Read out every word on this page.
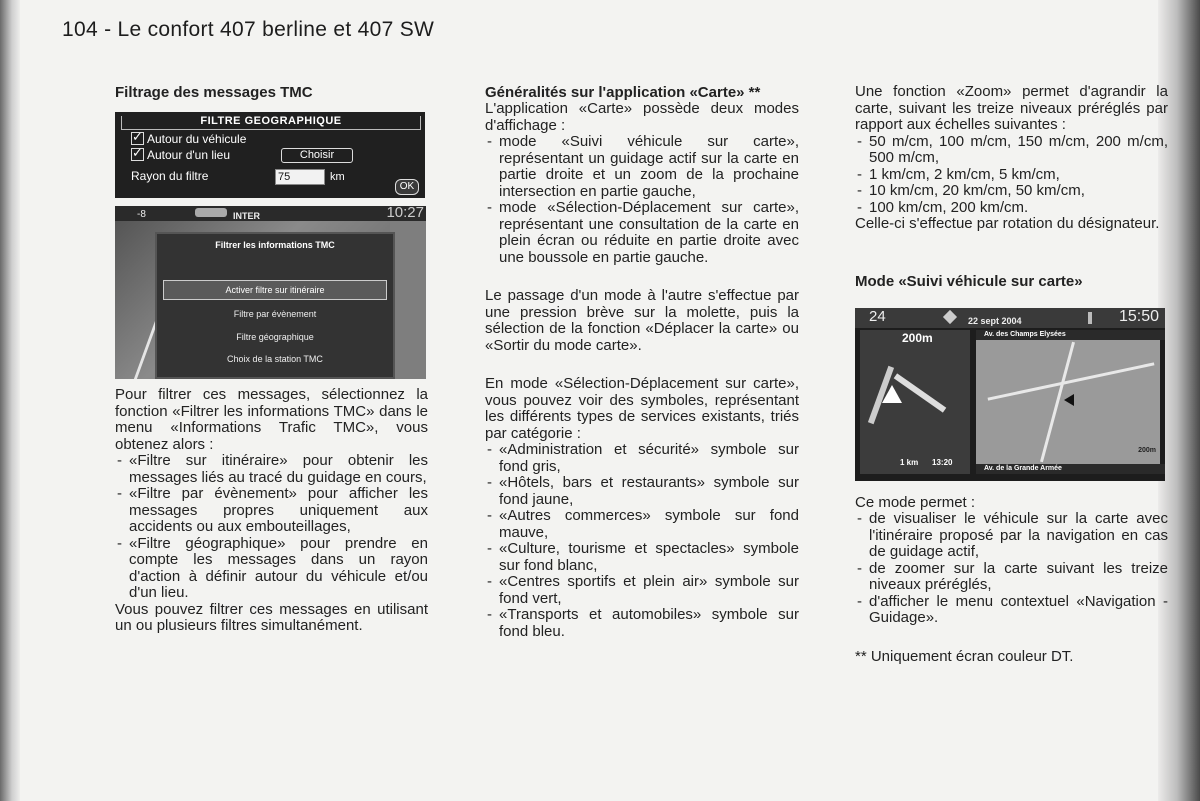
104 - Le confort 407 berline et 407 SW
Filtrage des messages TMC
FILTRE GEOGRAPHIQUE
✓Autour du véhicule
✓Autour d'un lieu	Choisir
Rayon du filtre	75	km
OK
-8	INTER	10:27
Filtrer les informations TMC
Activer filtre sur itinéraire
Filtre par évènement
Filtre géographique
Choix de la station TMC

Pour filtrer ces messages, sélectionnez la fonction «Filtrer les informations TMC» dans le menu «Informations Trafic TMC», vous obtenez alors :

- «Filtre sur itinéraire» pour obtenir les messages liés au tracé du guidage en cours,
- «Filtre par évènement» pour afficher les messages propres uniquement aux accidents ou aux embouteillages,
- «Filtre géographique» pour prendre en compte les messages dans un rayon d'action à définir autour du véhicule et/ou d'un lieu.

Vous pouvez filtrer ces messages en utilisant un ou plusieurs filtres simultanément.

Généralités sur l'application «Carte» **

L'application «Carte» possède deux modes d'affichage :

- mode «Suivi véhicule sur carte», représentant un guidage actif sur la carte en partie droite et un zoom de la prochaine intersection en partie gauche,
- mode «Sélection-Déplacement sur carte», représentant une consultation de la carte en plein écran ou réduite en partie droite avec une boussole en partie gauche.

Le passage d'un mode à l'autre s'effectue par une pression brève sur la molette, puis la sélection de la fonction «Déplacer la carte» ou «Sortir du mode carte».

En mode «Sélection-Déplacement sur carte», vous pouvez voir des symboles, représentant les différents types de services existants, triés par catégorie :

- «Administration et sécurité» symbole sur fond gris,
- «Hôtels, bars et restaurants» symbole sur fond jaune,
- «Autres commerces» symbole sur fond mauve,
- «Culture, tourisme et spectacles» symbole sur fond blanc,
- «Centres sportifs et plein air» symbole sur fond vert,
- «Transports et automobiles» symbole sur fond bleu.

Une fonction «Zoom» permet d'agrandir la carte, suivant les treize niveaux préréglés par rapport aux échelles suivantes :

- 50 m/cm, 100 m/cm, 150 m/cm, 200 m/cm, 500 m/cm,
- 1 km/cm, 2 km/cm, 5 km/cm,
- 10 km/cm, 20 km/cm, 50 km/cm,
- 100 km/cm, 200 km/cm.

Celle-ci s'effectue par rotation du désignateur.

Mode «Suivi véhicule sur carte»
24	22 sept 2004	15:50
200m
1 km 13:20
Av. des Champs Elysées
200m
Av. de la Grande Armée

Ce mode permet :

- de visualiser le véhicule sur la carte avec l'itinéraire proposé par la navigation en cas de guidage actif,
- de zoomer sur la carte suivant les treize niveaux préréglés,
- d'afficher le menu contextuel «Navigation - Guidage».

** Uniquement écran couleur DT.
